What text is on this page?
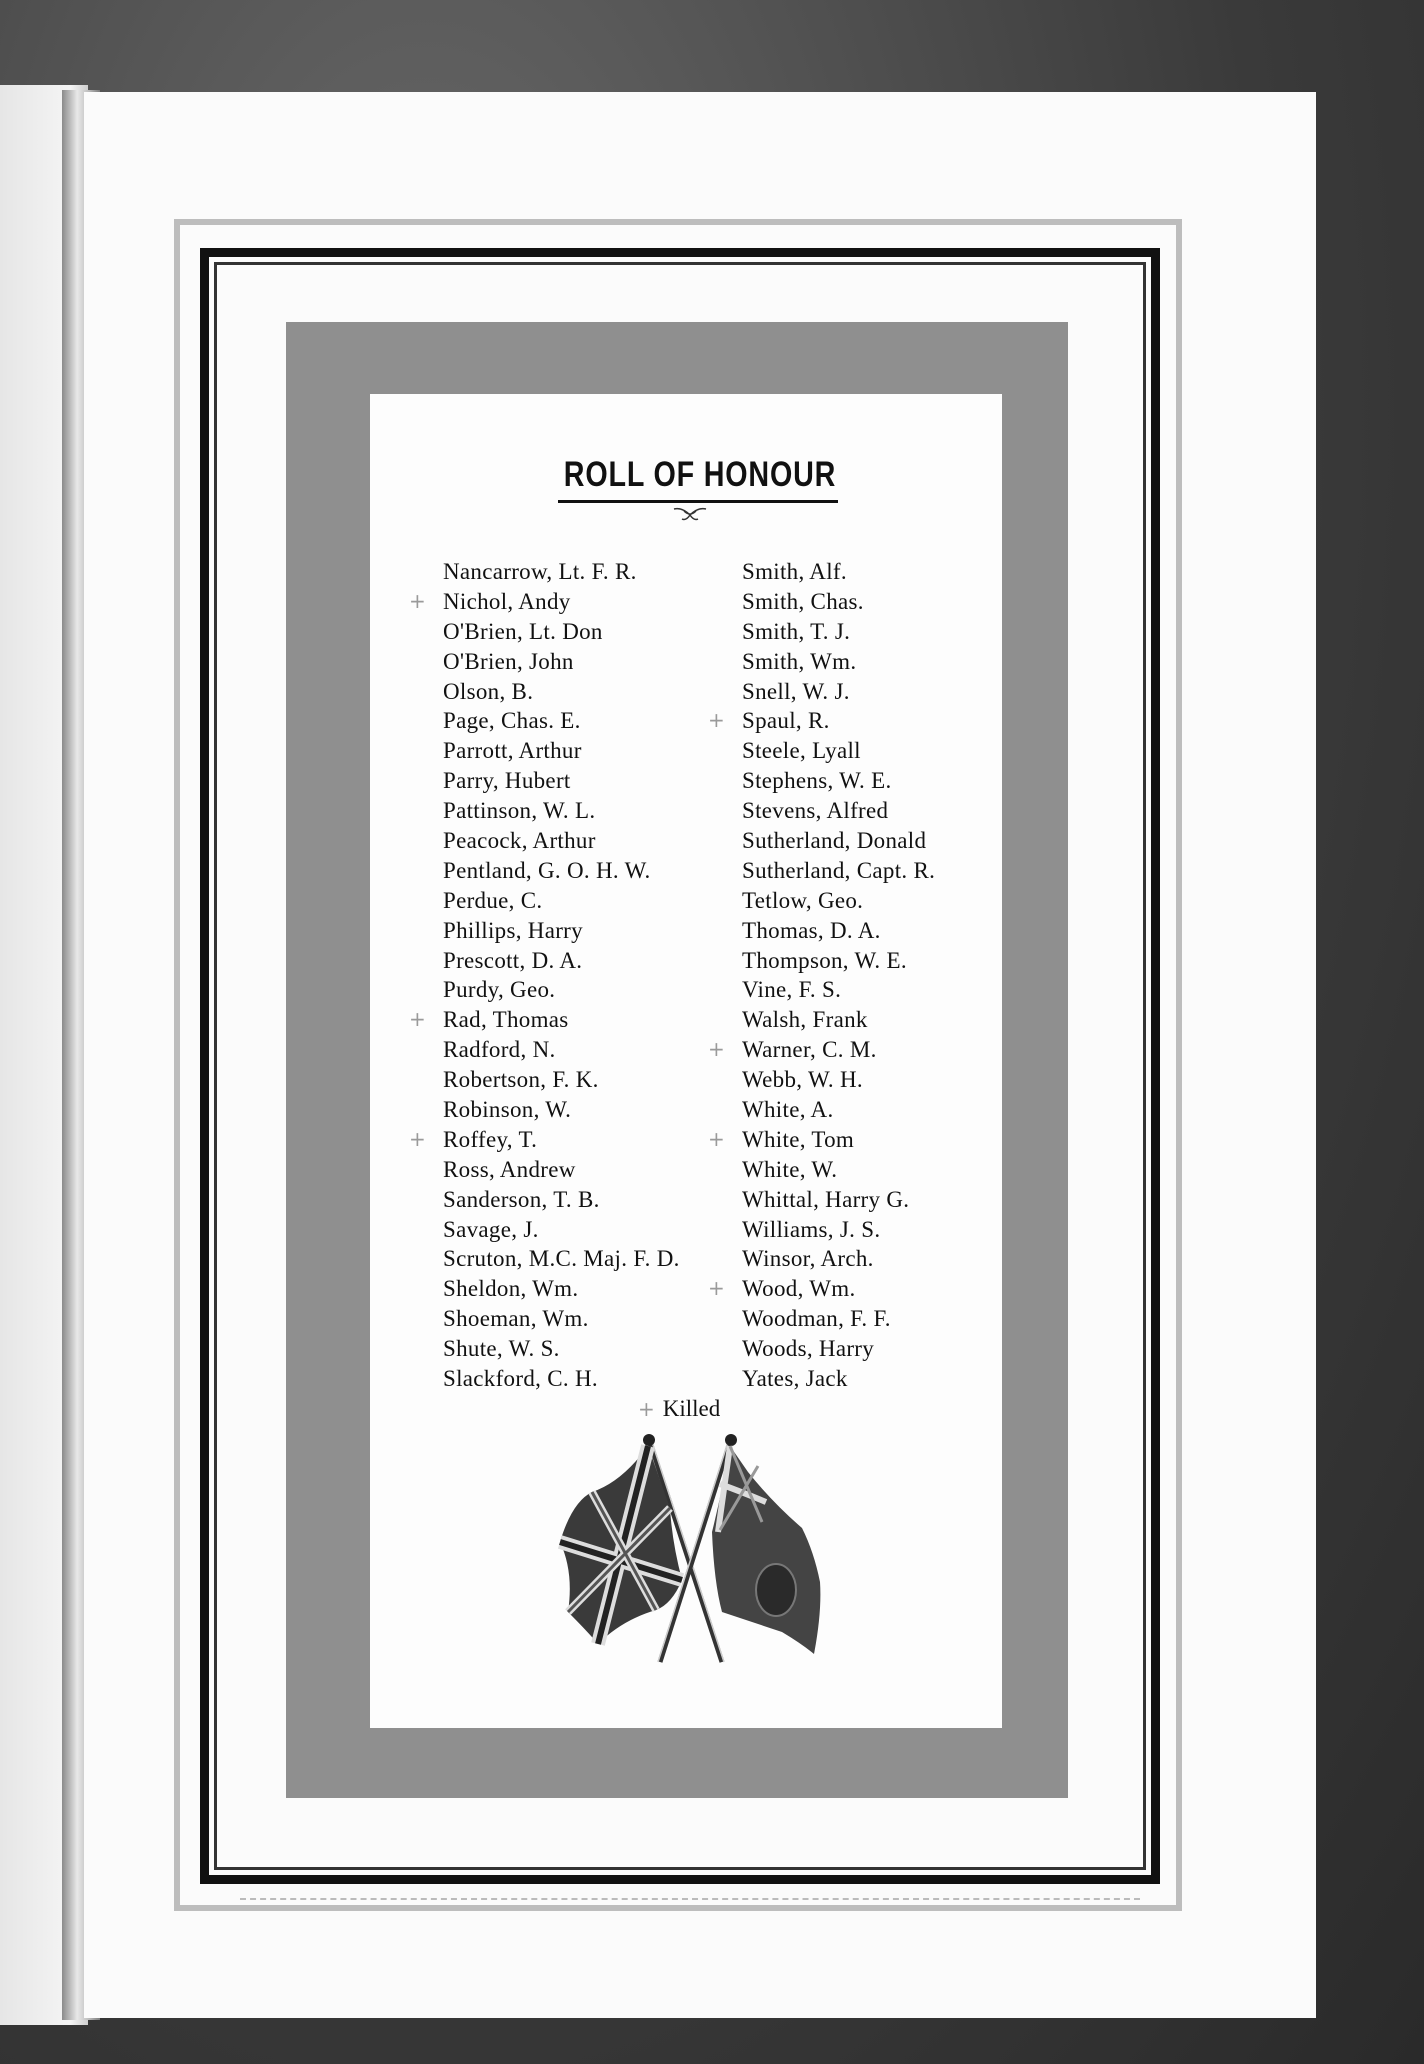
ROLL OF HONOUR
Nancarrow, Lt. F. R.
+ Nichol, Andy
O'Brien, Lt. Don
O'Brien, John
Olson, B.
Page, Chas. E.
Parrott, Arthur
Parry, Hubert
Pattinson, W. L.
Peacock, Arthur
Pentland, G. O. H. W.
Perdue, C.
Phillips, Harry
Prescott, D. A.
Purdy, Geo.
+ Rad, Thomas
Radford, N.
Robertson, F. K.
Robinson, W.
+ Roffey, T.
Ross, Andrew
Sanderson, T. B.
Savage, J.
Scruton, M.C. Maj. F. D.
Sheldon, Wm.
Shoeman, Wm.
Shute, W. S.
Slackford, C. H.
Smith, Alf.
Smith, Chas.
Smith, T. J.
Smith, Wm.
Snell, W. J.
+ Spaul, R.
Steele, Lyall
Stephens, W. E.
Stevens, Alfred
Sutherland, Donald
Sutherland, Capt. R.
Tetlow, Geo.
Thomas, D. A.
Thompson, W. E.
Vine, F. S.
Walsh, Frank
+ Warner, C. M.
Webb, W. H.
White, A.
+ White, Tom
White, W.
Whittal, Harry G.
Williams, J. S.
Winsor, Arch.
+ Wood, Wm.
Woodman, F. F.
Woods, Harry
Yates, Jack
+ Killed
